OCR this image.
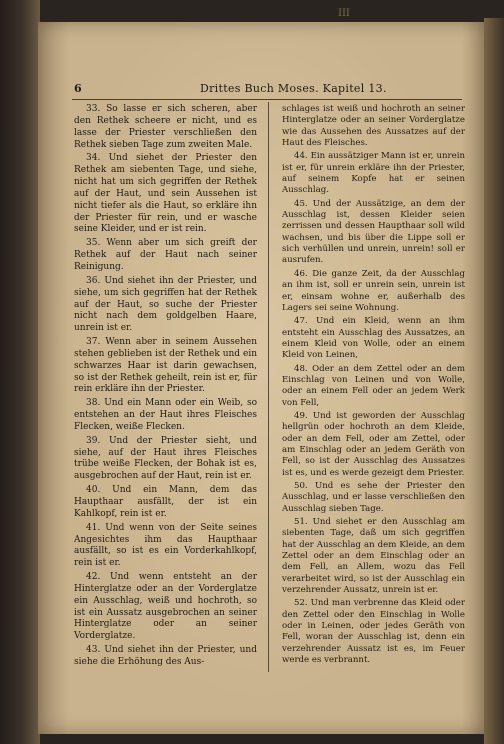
III
6	Drittes Buch Moses. Kapitel 13.

33. So lasse er sich scheren, aber den Rethek scheere er nicht, und es lasse der Priester verschließen den Rethek sieben Tage zum zweiten Male.

34. Und siehet der Priester den Rethek am siebenten Tage, und siehe, nicht hat um sich gegriffen der Rethek auf der Haut, und sein Aussehen ist nicht tiefer als die Haut, so erkläre ihn der Priester für rein, und er wasche seine Kleider, und er ist rein.

35. Wenn aber um sich greift der Rethek auf der Haut nach seiner Reinigung.

36. Und siehet ihn der Priester, und siehe, um sich gegriffen hat der Rethek auf der Haut, so suche der Priester nicht nach dem goldgelben Haare, unrein ist er.

37. Wenn aber in seinem Aussehen stehen geblieben ist der Rethek und ein schwarzes Haar ist darin gewachsen, so ist der Rethek geheilt, rein ist er, für rein erkläre ihn der Priester.

38. Und ein Mann oder ein Weib, so entstehen an der Haut ihres Fleisches Flecken, weiße Flecken.

39. Und der Priester sieht, und siehe, auf der Haut ihres Fleisches trübe weiße Flecken, der Bohak ist es, ausgebrochen auf der Haut, rein ist er.

40. Und ein Mann, dem das Haupthaar ausfällt, der ist ein Kahlkopf, rein ist er.

41. Und wenn von der Seite seines Angesichtes ihm das Haupthaar ausfällt, so ist es ein Vorderkahlkopf, rein ist er.

42. Und wenn entsteht an der Hinterglatze oder an der Vorderglatze ein Ausschlag, weiß und hochroth, so ist ein Aussatz ausgebrochen an seiner Hinterglatze oder an seiner Vorderglatze.

43. Und siehet ihn der Priester, und siehe die Erhöhung des Aus-

schlages ist weiß und hochroth an seiner Hinterglatze oder an seiner Vorderglatze wie das Aussehen des Aussatzes auf der Haut des Fleisches.

44. Ein aussätziger Mann ist er, unrein ist er, für unrein erkläre ihn der Priester, auf seinem Kopfe hat er seinen Ausschlag.

45. Und der Aussätzige, an dem der Ausschlag ist, dessen Kleider seien zerrissen und dessen Haupthaar soll wild wachsen, und bis über die Lippe soll er sich verhüllen und unrein, unrein! soll er ausrufen.

46. Die ganze Zeit, da der Ausschlag an ihm ist, soll er unrein sein, unrein ist er, einsam wohne er, außerhalb des Lagers sei seine Wohnung.

47. Und ein Kleid, wenn an ihm entsteht ein Ausschlag des Aussatzes, an einem Kleid von Wolle, oder an einem Kleid von Leinen,

48. Oder an dem Zettel oder an dem Einschlag von Leinen und von Wolle, oder an einem Fell oder an jedem Werk von Fell,

49. Und ist geworden der Ausschlag hellgrün oder hochroth an dem Kleide, oder an dem Fell, oder am Zettel, oder am Einschlag oder an jedem Geräth von Fell, so ist der Ausschlag des Aussatzes ist es, und es werde gezeigt dem Priester.

50. Und es sehe der Priester den Ausschlag, und er lasse verschließen den Ausschlag sieben Tage.

51. Und siehet er den Ausschlag am siebenten Tage, daß um sich gegriffen hat der Ausschlag an dem Kleide, an dem Zettel oder an dem Einschlag oder an dem Fell, an Allem, wozu das Fell verarbeitet wird, so ist der Ausschlag ein verzehrender Aussatz, unrein ist er.

52. Und man verbrenne das Kleid oder den Zettel oder den Einschlag in Wolle oder in Leinen, oder jedes Geräth von Fell, woran der Ausschlag ist, denn ein verzehrender Aussatz ist es, im Feuer werde es verbrannt.
